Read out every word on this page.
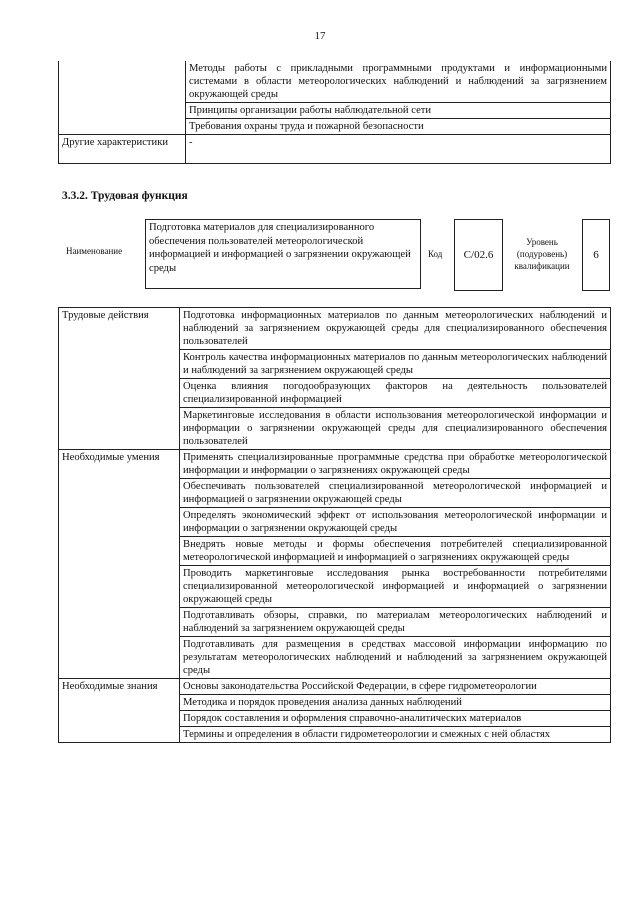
17
	Методы работы с прикладными программными продуктами и информационными системами в области метеорологических наблюдений и наблюдений за загрязнением окружающей среды
	Принципы организации работы наблюдательной сети
	Требования охраны труда и пожарной безопасности
Другие характеристики	-
3.3.2. Трудовая функция
Наименование
Подготовка материалов для специализированного обеспечения пользователей метеорологической информацией и информацией о загрязнении окружающей среды
Код	C/02.6
Уровень (подуровень) квалификации
6
Трудовые действия	Подготовка информационных материалов по данным метеорологических наблюдений и наблюдений за загрязнением окружающей среды для специализированного обеспечения пользователей
	Контроль качества информационных материалов по данным метеорологических наблюдений и наблюдений за загрязнением окружающей среды
	Оценка влияния погодообразующих факторов на деятельность пользователей специализированной информацией
	Маркетинговые исследования в области использования метеорологической информации и информации о загрязнении окружающей среды для специализированного обеспечения пользователей
Необходимые умения	Применять специализированные программные средства при обработке метеорологической информации и информации о загрязнениях окружающей среды
	Обеспечивать пользователей специализированной метеорологической информацией и информацией о загрязнении окружающей среды
	Определять экономический эффект от использования метеорологической информации и информации о загрязнении окружающей среды
	Внедрять новые методы и формы обеспечения потребителей специализированной метеорологической информацией и информацией о загрязнениях окружающей среды
	Проводить маркетинговые исследования рынка востребованности потребителями специализированной метеорологической информацией и информацией о загрязнении окружающей среды
	Подготавливать обзоры, справки, по материалам метеорологических наблюдений и наблюдений за загрязнением окружающей среды
	Подготавливать для размещения в средствах массовой информации информацию по результатам метеорологических наблюдений и наблюдений за загрязнением окружающей среды
Необходимые знания	Основы законодательства Российской Федерации, в сфере гидрометеорологии
	Методика и порядок проведения анализа данных наблюдений
	Порядок составления и оформления справочно-аналитических материалов
	Термины и определения в области гидрометеорологии и смежных с ней областях
